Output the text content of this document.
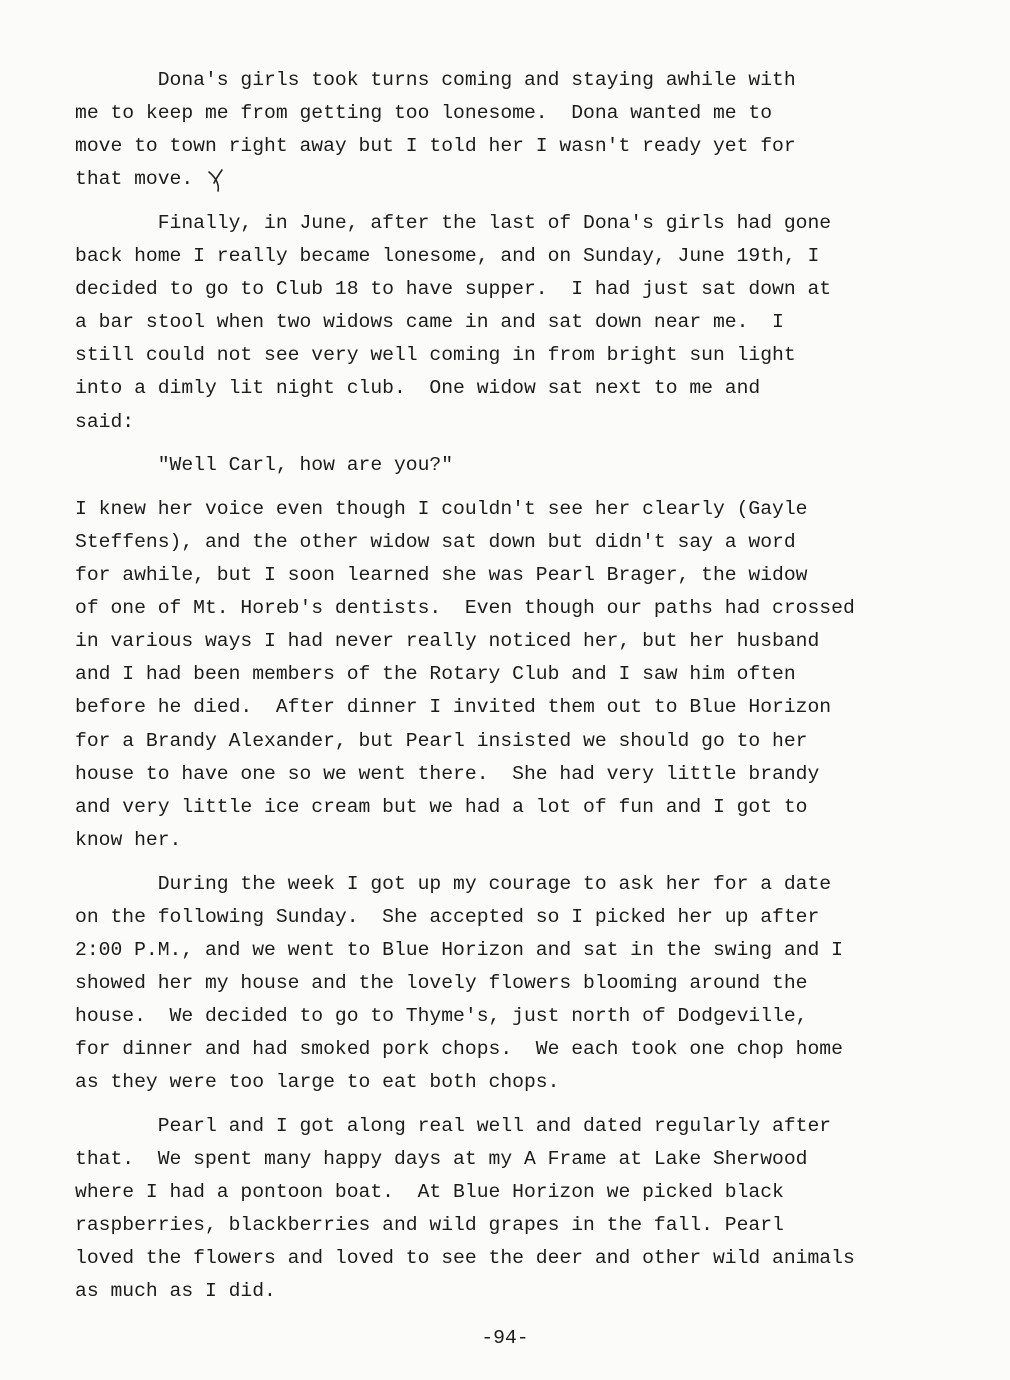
Dona's girls took turns coming and staying awhile with
me to keep me from getting too lonesome.  Dona wanted me to
move to town right away but I told her I wasn't ready yet for
that move.
Finally, in June, after the last of Dona's girls had gone
back home I really became lonesome, and on Sunday, June 19th, I
decided to go to Club 18 to have supper.  I had just sat down at
a bar stool when two widows came in and sat down near me.  I
still could not see very well coming in from bright sun light
into a dimly lit night club.  One widow sat next to me and
said:
"Well Carl, how are you?"
I knew her voice even though I couldn't see her clearly (Gayle
Steffens), and the other widow sat down but didn't say a word
for awhile, but I soon learned she was Pearl Brager, the widow
of one of Mt. Horeb's dentists.  Even though our paths had crossed
in various ways I had never really noticed her, but her husband
and I had been members of the Rotary Club and I saw him often
before he died.  After dinner I invited them out to Blue Horizon
for a Brandy Alexander, but Pearl insisted we should go to her
house to have one so we went there.  She had very little brandy
and very little ice cream but we had a lot of fun and I got to
know her.
During the week I got up my courage to ask her for a date
on the following Sunday.  She accepted so I picked her up after
2:00 P.M., and we went to Blue Horizon and sat in the swing and I
showed her my house and the lovely flowers blooming around the
house.  We decided to go to Thyme's, just north of Dodgeville,
for dinner and had smoked pork chops.  We each took one chop home
as they were too large to eat both chops.
Pearl and I got along real well and dated regularly after
that.  We spent many happy days at my A Frame at Lake Sherwood
where I had a pontoon boat.  At Blue Horizon we picked black
raspberries, blackberries and wild grapes in the fall. Pearl
loved the flowers and loved to see the deer and other wild animals
as much as I did.
-94-
